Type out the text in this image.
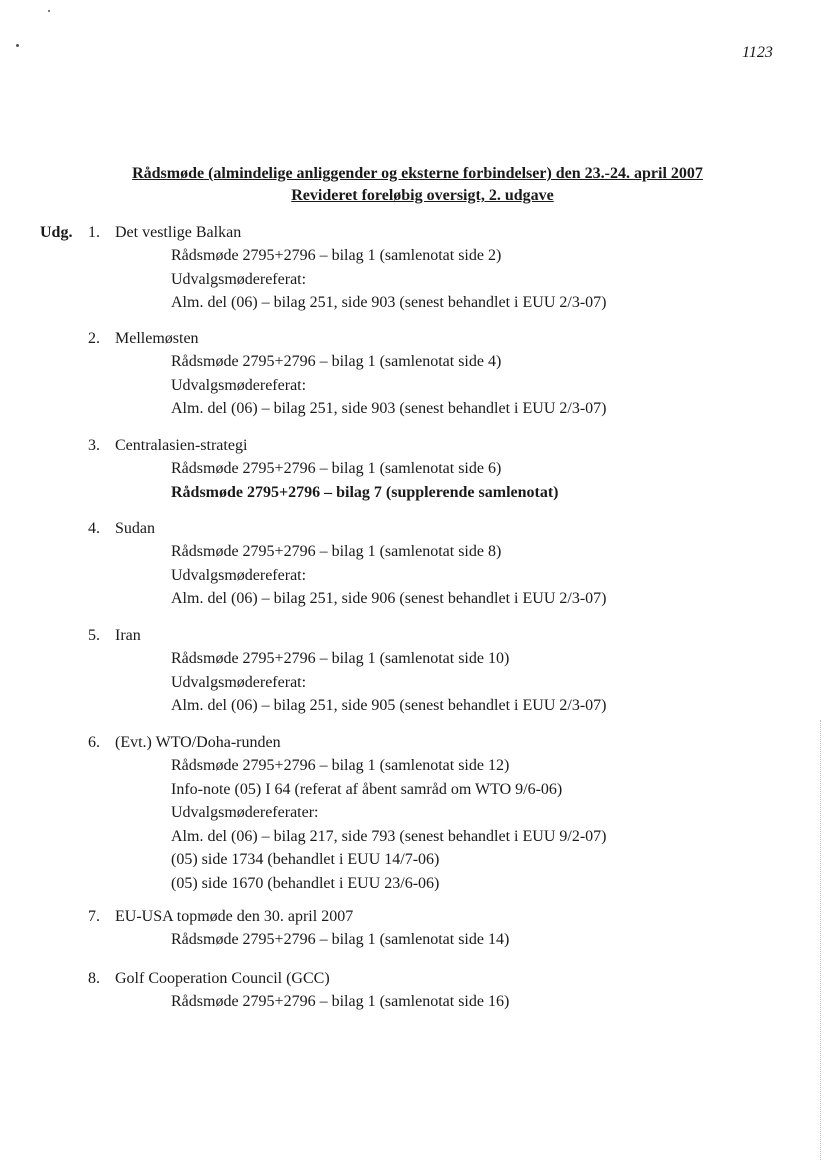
1123
Rådsmøde (almindelige anliggender og eksterne forbindelser) den 23.-24. april 2007
Revideret foreløbig oversigt, 2. udgave
Udg. 1. Det vestlige Balkan
Rådsmøde 2795+2796 – bilag 1 (samlenotat side 2)
Udvalgsmødereferat:
Alm. del (06) – bilag 251, side 903 (senest behandlet i EUU 2/3-07)
2. Mellemøsten
Rådsmøde 2795+2796 – bilag 1 (samlenotat side 4)
Udvalgsmødereferat:
Alm. del (06) – bilag 251, side 903 (senest behandlet i EUU 2/3-07)
3. Centralasien-strategi
Rådsmøde 2795+2796 – bilag 1 (samlenotat side 6)
Rådsmøde 2795+2796 – bilag 7 (supplerende samlenotat)
4. Sudan
Rådsmøde 2795+2796 – bilag 1 (samlenotat side 8)
Udvalgsmødereferat:
Alm. del (06) – bilag 251, side 906 (senest behandlet i EUU 2/3-07)
5. Iran
Rådsmøde 2795+2796 – bilag 1 (samlenotat side 10)
Udvalgsmødereferat:
Alm. del (06) – bilag 251, side 905 (senest behandlet i EUU 2/3-07)
6. (Evt.) WTO/Doha-runden
Rådsmøde 2795+2796 – bilag 1 (samlenotat side 12)
Info-note (05) I 64 (referat af åbent samråd om WTO 9/6-06)
Udvalgsmødereferater:
Alm. del (06) – bilag 217, side 793 (senest behandlet i EUU 9/2-07)
(05) side 1734 (behandlet i EUU 14/7-06)
(05) side 1670 (behandlet i EUU 23/6-06)
7. EU-USA topmøde den 30. april 2007
Rådsmøde 2795+2796 – bilag 1 (samlenotat side 14)
8. Golf Cooperation Council (GCC)
Rådsmøde 2795+2796 – bilag 1 (samlenotat side 16)
